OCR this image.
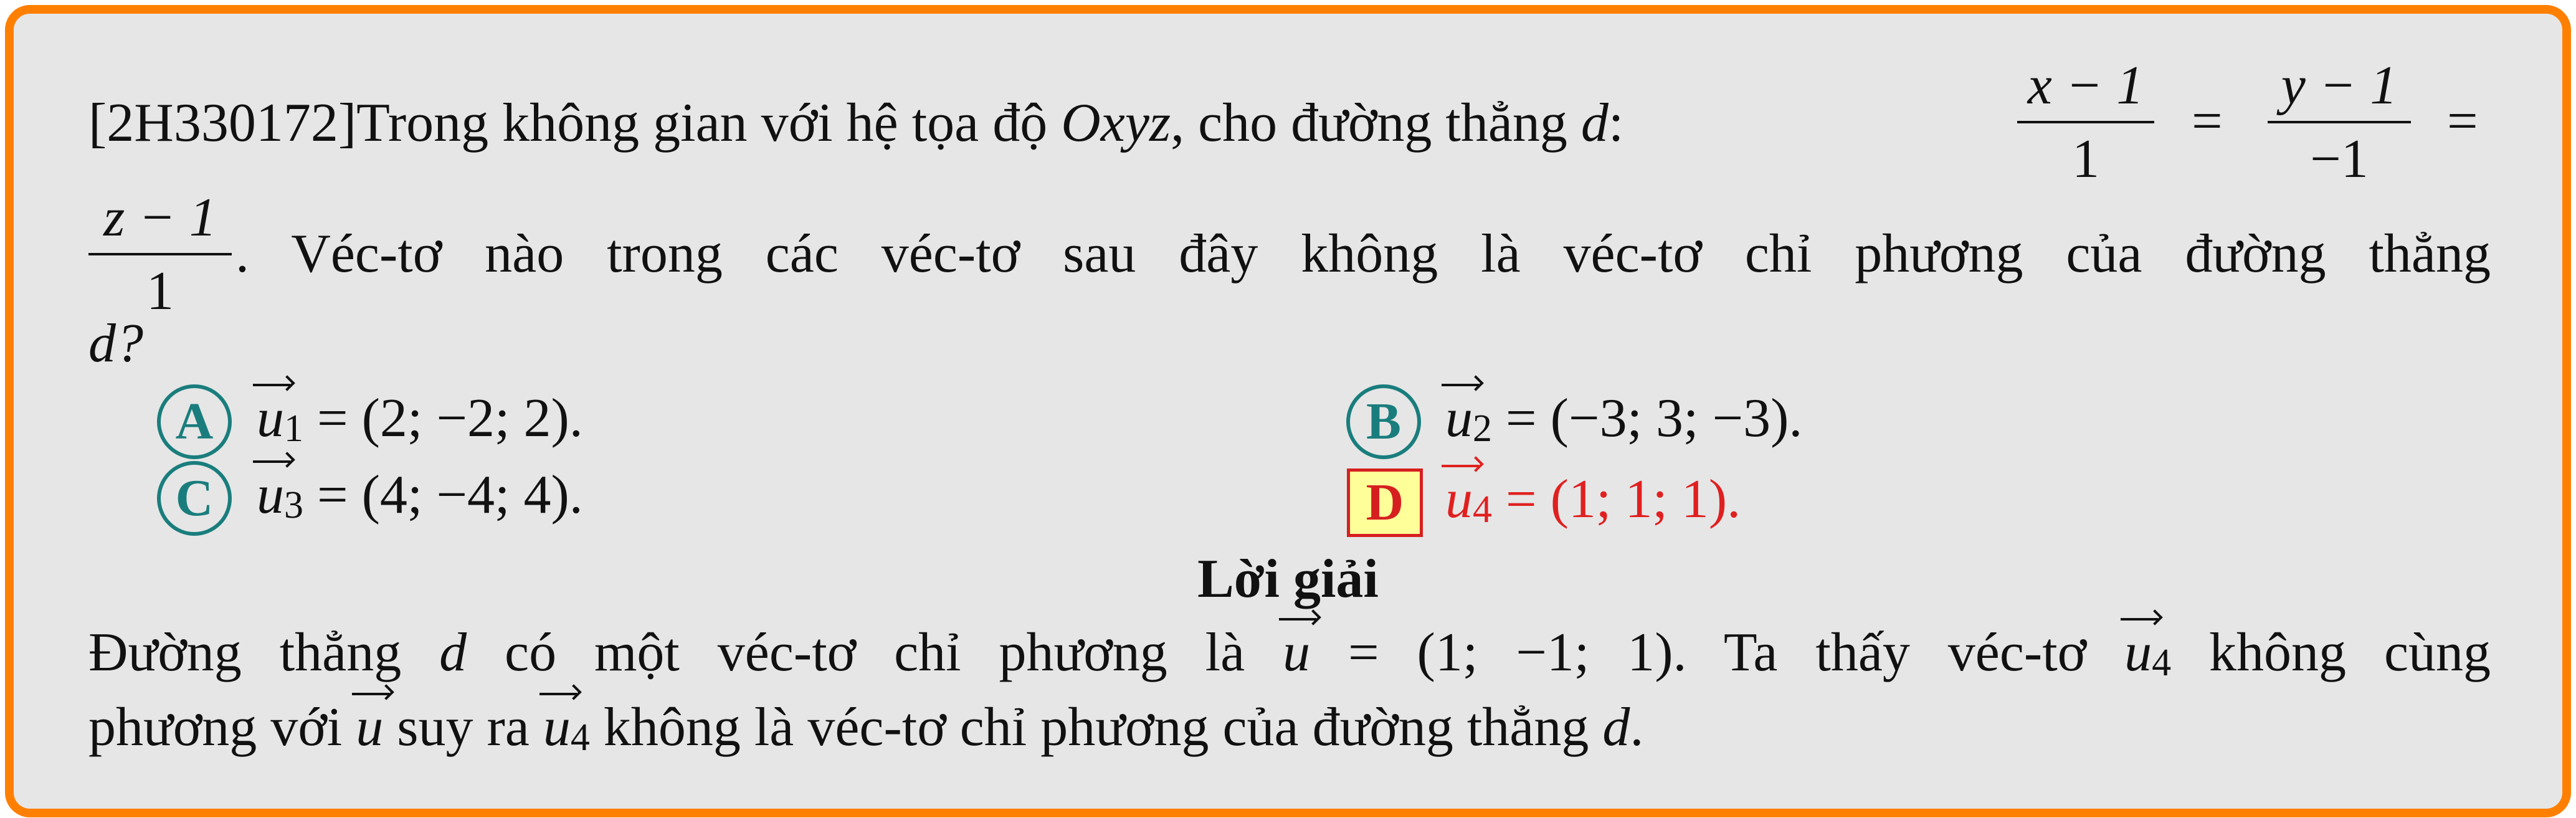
[2H330172]Trong không gian với hệ tọa độ Oxyz, cho đường thẳng d:
x − 1
1
=
y − 1
−1
=
z − 1
1
. Véc-tơ nào trong các véc-tơ sau đây không là véc-tơ chỉ phương của đường thẳng
d?
A $u_1 = (2$; −2; 2).	B $u_2 = (-3$; 3; −3).
C $u_3 = (4$; −4; 4).	D $u_4 = (1$; 1; 1).
Lời giải
Đường thẳng d có một véc-tơ chỉ phương là u = (1; −1; 1). Ta thấy véc-tơ $u_4$ không cùng
phương với u suy ra $u_4$ không là véc-tơ chỉ phương của đường thẳng d.
